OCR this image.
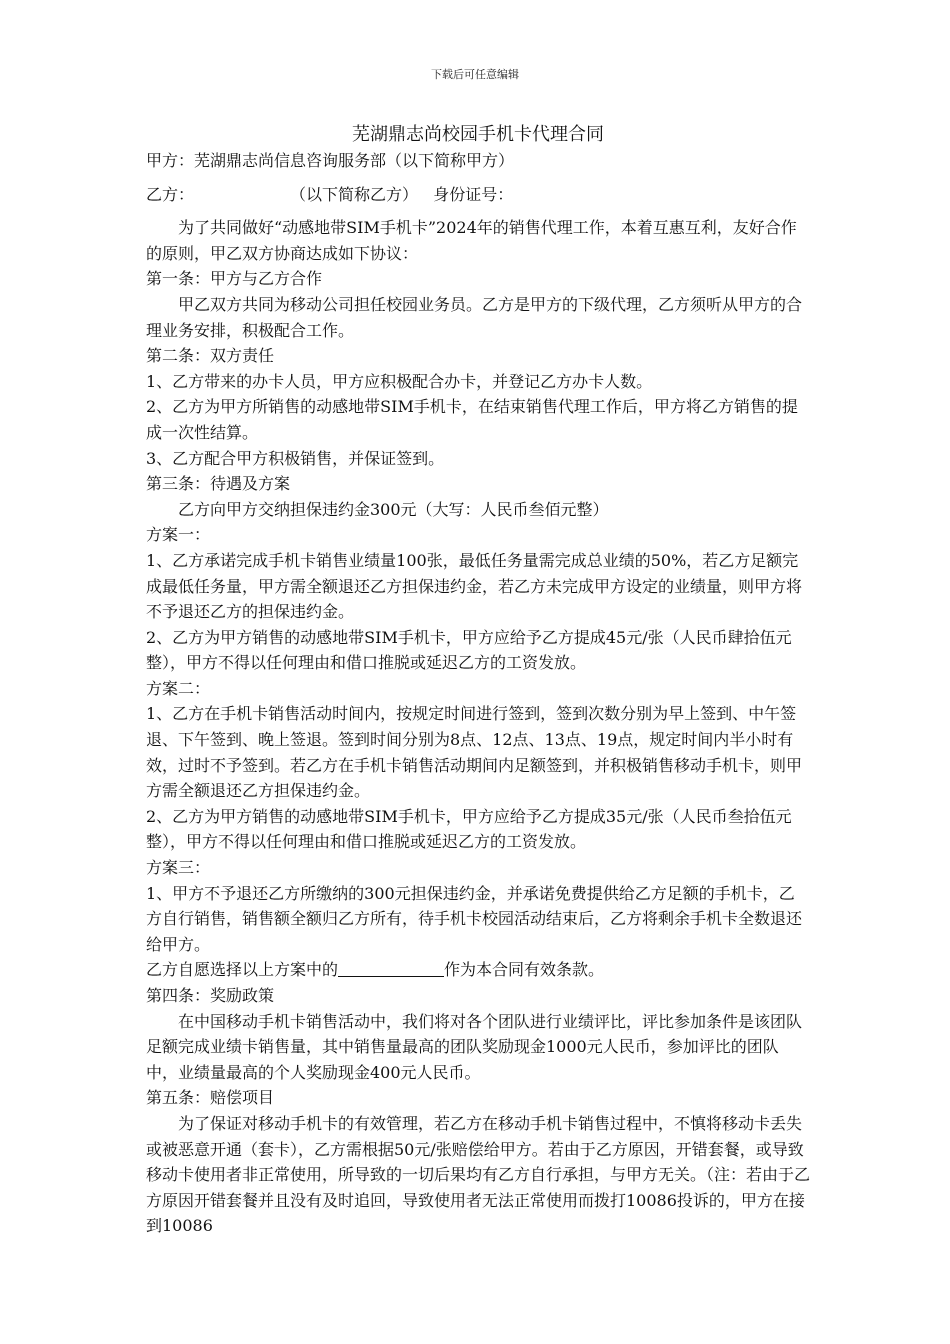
下载后可任意编辑

芜湖鼎志尚校园手机卡代理合同

甲方：芜湖鼎志尚信息咨询服务部（以下简称甲方）

乙方：	（以下简称乙方） 身份证号：

为了共同做好“动感地带SIM手机卡”2024年的销售代理工作，本着互惠互利，友好合作的原则，甲乙双方协商达成如下协议：

第一条：甲方与乙方合作

甲乙双方共同为移动公司担任校园业务员。乙方是甲方的下级代理，乙方须听从甲方的合理业务安排，积极配合工作。

第二条：双方责任

1、乙方带来的办卡人员，甲方应积极配合办卡，并登记乙方办卡人数。

2、乙方为甲方所销售的动感地带SIM手机卡，在结束销售代理工作后，甲方将乙方销售的提成一次性结算。

3、乙方配合甲方积极销售，并保证签到。

第三条：待遇及方案

乙方向甲方交纳担保违约金300元（大写：人民币叁佰元整）

方案一：

1、乙方承诺完成手机卡销售业绩量100张，最低任务量需完成总业绩的50%，若乙方足额完成最低任务量，甲方需全额退还乙方担保违约金，若乙方未完成甲方设定的业绩量，则甲方将不予退还乙方的担保违约金。

2、乙方为甲方销售的动感地带SIM手机卡，甲方应给予乙方提成45元/张（人民币肆拾伍元整），甲方不得以任何理由和借口推脱或延迟乙方的工资发放。

方案二：

1、乙方在手机卡销售活动时间内，按规定时间进行签到，签到次数分别为早上签到、中午签退、下午签到、晚上签退。签到时间分别为8点、12点、13点、19点，规定时间内半小时有效，过时不予签到。若乙方在手机卡销售活动期间内足额签到，并积极销售移动手机卡，则甲方需全额退还乙方担保违约金。

2、乙方为甲方销售的动感地带SIM手机卡，甲方应给予乙方提成35元/张（人民币叁拾伍元整），甲方不得以任何理由和借口推脱或延迟乙方的工资发放。

方案三：

1、甲方不予退还乙方所缴纳的300元担保违约金，并承诺免费提供给乙方足额的手机卡，乙方自行销售，销售额全额归乙方所有，待手机卡校园活动结束后，乙方将剩余手机卡全数退还给甲方。

乙方自愿选择以上方案中的	作为本合同有效条款。

第四条：奖励政策

在中国移动手机卡销售活动中，我们将对各个团队进行业绩评比，评比参加条件是该团队足额完成业绩卡销售量，其中销售量最高的团队奖励现金1000元人民币，参加评比的团队中，业绩量最高的个人奖励现金400元人民币。

第五条：赔偿项目

为了保证对移动手机卡的有效管理，若乙方在移动手机卡销售过程中，不慎将移动卡丢失或被恶意开通（套卡），乙方需根据50元/张赔偿给甲方。若由于乙方原因，开错套餐，或导致移动卡使用者非正常使用，所导致的一切后果均有乙方自行承担，与甲方无关。（注：若由于乙方原因开错套餐并且没有及时追回，导致使用者无法正常使用而拨打10086投诉的，甲方在接到10086
